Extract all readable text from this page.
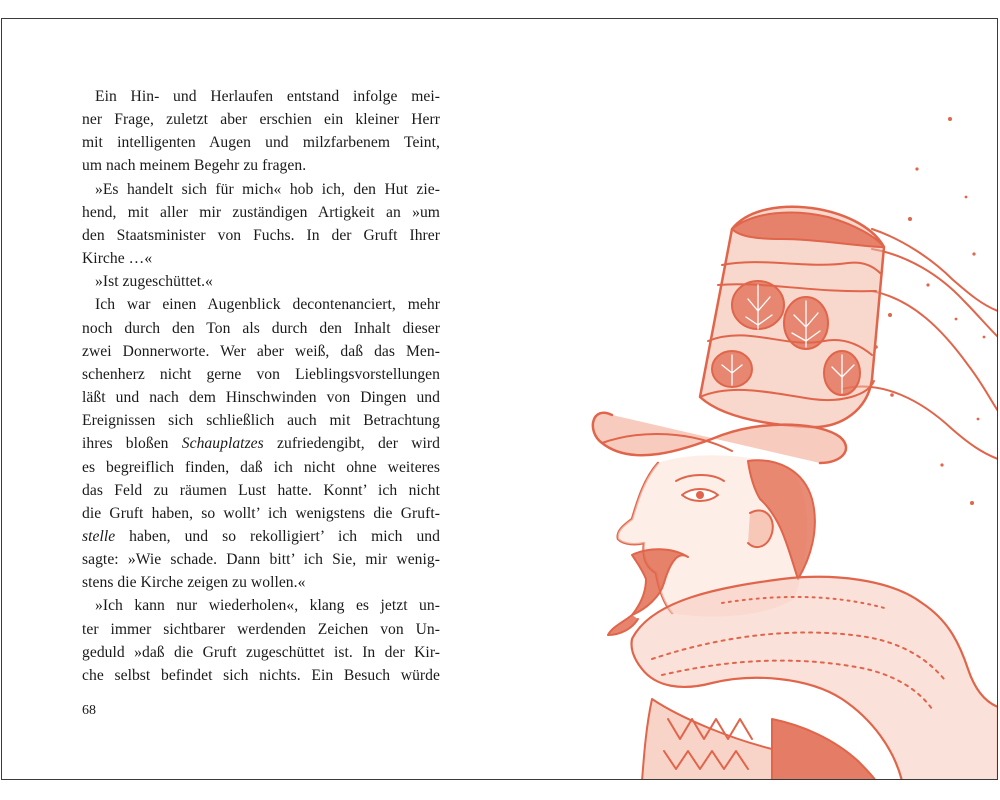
Ein Hin- und Herlaufen entstand infolge mei-
ner Frage, zuletzt aber erschien ein kleiner Herr
mit intelligenten Augen und milzfarbenem Teint,
um nach meinem Begehr zu fragen.
»Es handelt sich für mich« hob ich, den Hut zie-
hend, mit aller mir zuständigen Artigkeit an »um
den Staatsminister von Fuchs. In der Gruft Ihrer
Kirche …«
»Ist zugeschüttet.«
Ich war einen Augenblick decontenanciert, mehr
noch durch den Ton als durch den Inhalt dieser
zwei Donnerworte. Wer aber weiß, daß das Men-
schenherz nicht gerne von Lieblingsvorstellungen
läßt und nach dem Hinschwinden von Dingen und
Ereignissen sich schließlich auch mit Betrachtung
ihres bloßen Schauplatzes zufriedengibt, der wird
es begreiflich finden, daß ich nicht ohne weiteres
das Feld zu räumen Lust hatte. Konnt’ ich nicht
die Gruft haben, so wollt’ ich wenigstens die Gruft-
stelle haben, und so rekolligiert’ ich mich und
sagte: »Wie schade. Dann bitt’ ich Sie, mir wenig-
stens die Kirche zeigen zu wollen.«
»Ich kann nur wiederholen«, klang es jetzt un-
ter immer sichtbarer werdenden Zeichen von Un-
geduld »daß die Gruft zugeschüttet ist. In der Kir-
che selbst befindet sich nichts. Ein Besuch würde
68
